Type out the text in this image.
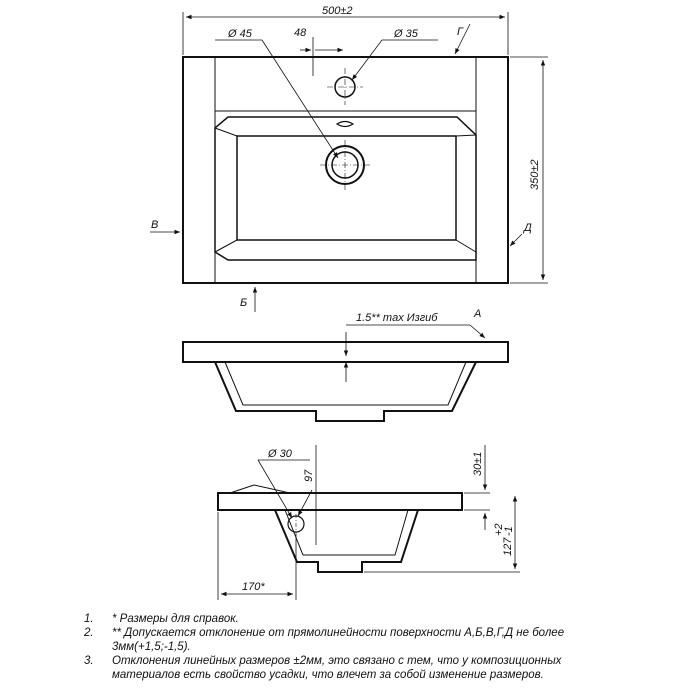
500±2
350±2
48
Ø 45	Ø 35	Г
В
Б
Д
1.5** max Изгиб	А
Ø 30
97	30±1
127
+2
-1
170*
1.	* Размеры для справок.
2.	** Допускается отклонение от прямолинейности поверхности А,Б,В,Г,Д не более
3мм(+1,5;-1,5).
3.	Отклонения линейных размеров ±2мм, это связано с тем, что у композиционных
материалов есть свойство усадки, что влечет за собой изменение размеров.
